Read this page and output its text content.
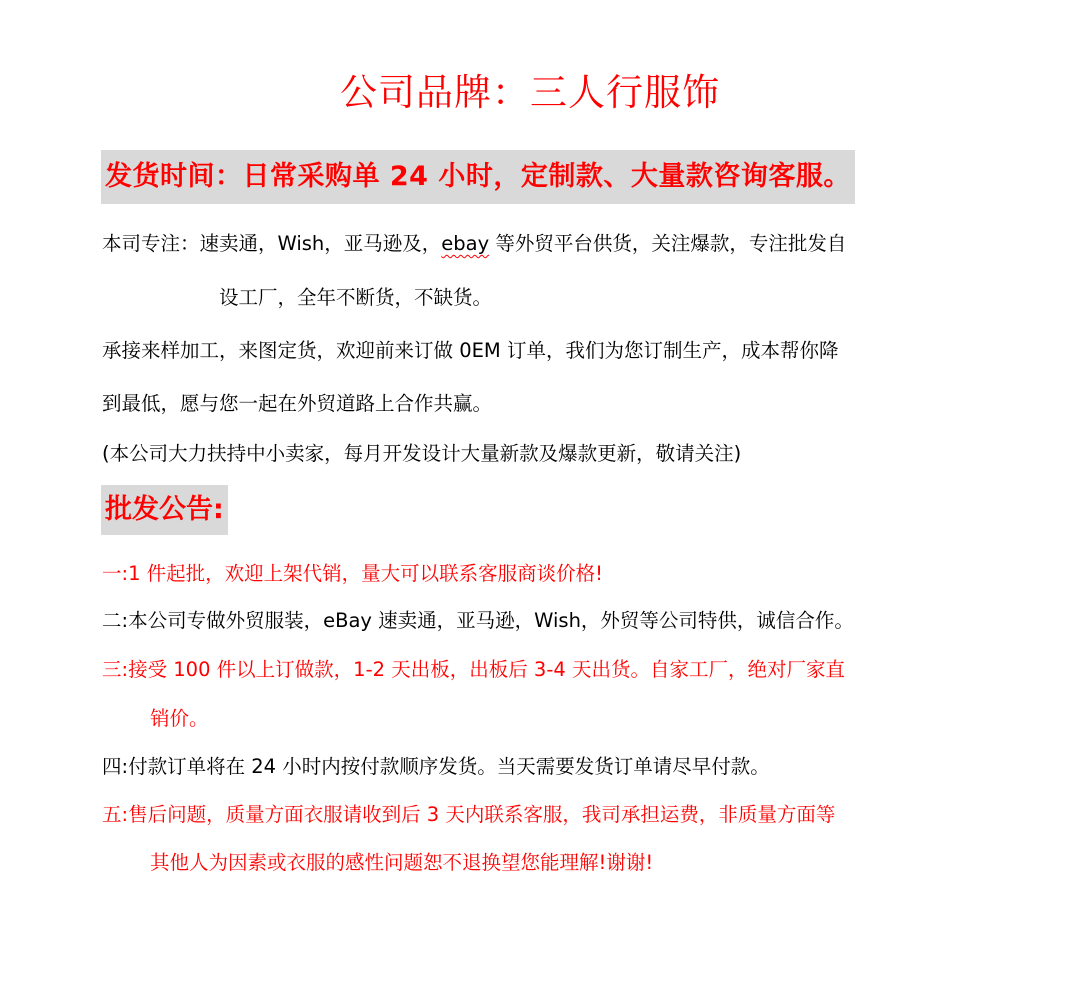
公司品牌：三人行服饰
发货时间：日常采购单 24 小时，定制款、大量款咨询客服。
本司专注：速卖通，Wish，亚马逊及，ebay 等外贸平台供货，关注爆款，专注批发自
设工厂，全年不断货，不缺货。
承接来样加工，来图定货，欢迎前来订做 0EM 订单，我们为您订制生产，成本帮你降
到最低，愿与您一起在外贸道路上合作共赢。
(本公司大力扶持中小卖家，每月开发设计大量新款及爆款更新，敬请关注)
批发公告:
一:1 件起批，欢迎上架代销，量大可以联系客服商谈价格!
二:本公司专做外贸服装，eBay 速卖通，亚马逊，Wish，外贸等公司特供，诚信合作。
三:接受 100 件以上订做款，1-2 天出板，出板后 3-4 天出货。自家工厂，绝对厂家直
销价。
四:付款订单将在 24 小时内按付款顺序发货。当天需要发货订单请尽早付款。
五:售后问题，质量方面衣服请收到后 3 天内联系客服，我司承担运费，非质量方面等
其他人为因素或衣服的感性问题恕不退换望您能理解!谢谢!
